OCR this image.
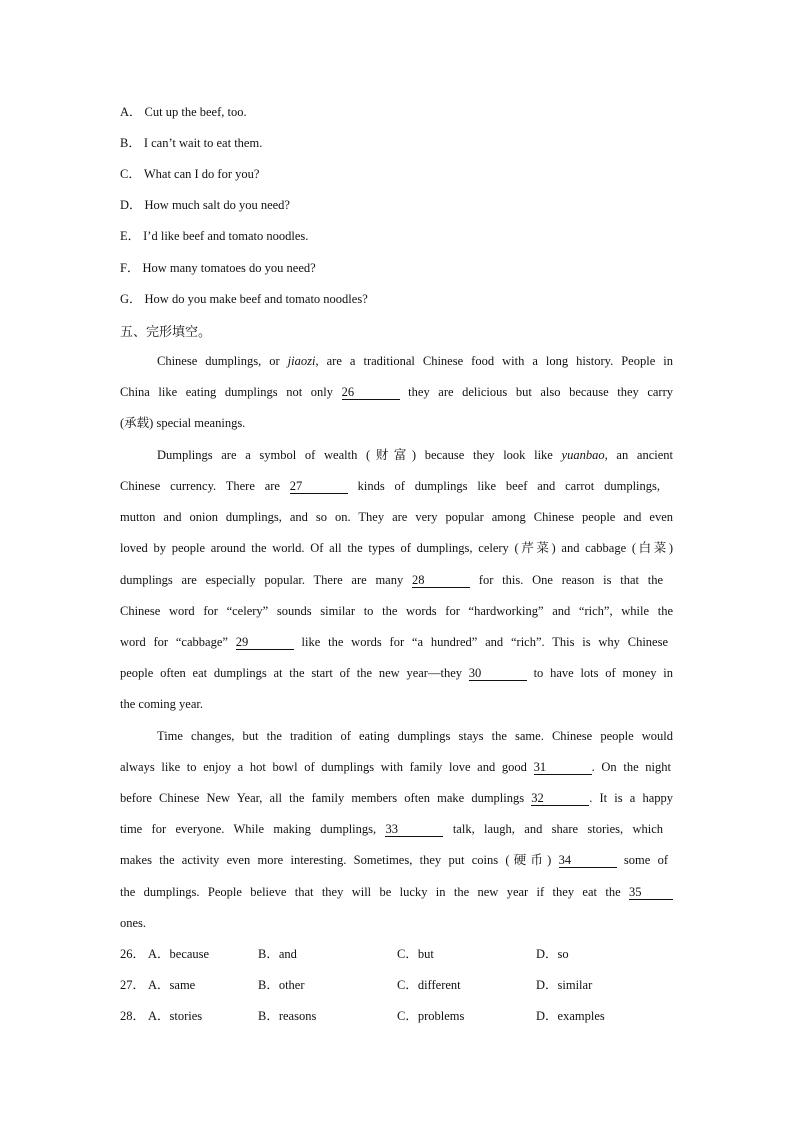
A． Cut up the beef, too.
B． I can’t wait to eat them.
C． What can I do for you?
D． How much salt do you need?
E． I’d like beef and tomato noodles.
F． How many tomatoes do you need?
G． How do you make beef and tomato noodles?
五、完形填空。
Chinese dumplings, or jiaozi, are a traditional Chinese food with a long history. People in
China like eating dumplings not only 26	they are delicious but also because they carry
(承载) special meanings.
Dumplings are a symbol of wealth (财富) because they look like yuanbao, an ancient
Chinese currency. There are 27	kinds of dumplings like beef and carrot dumplings,
mutton and onion dumplings, and so on. They are very popular among Chinese people and even
loved by people around the world. Of all the types of dumplings, celery (芹菜) and cabbage (白菜)
dumplings are especially popular. There are many 28	for this. One reason is that the
Chinese word for “celery” sounds similar to the words for “hardworking” and “rich”, while the
word for “cabbage” 29	like the words for “a hundred” and “rich”. This is why Chinese
people often eat dumplings at the start of the new year—they 30	to have lots of money in
the coming year.
Time changes, but the tradition of eating dumplings stays the same. Chinese people would
always like to enjoy a hot bowl of dumplings with family love and good 31	. On the night
before Chinese New Year, all the family members often make dumplings 32	. It is a happy
time for everyone. While making dumplings, 33	talk, laugh, and share stories, which
makes the activity even more interesting. Sometimes, they put coins (硬币) 34	some of
the dumplings. People believe that they will be lucky in the new year if they eat the 35
ones.
26． A．because	B．and	C．but	D．so
27． A．same	B．other	C．different	D．similar
28． A．stories	B．reasons	C．problems	D．examples
